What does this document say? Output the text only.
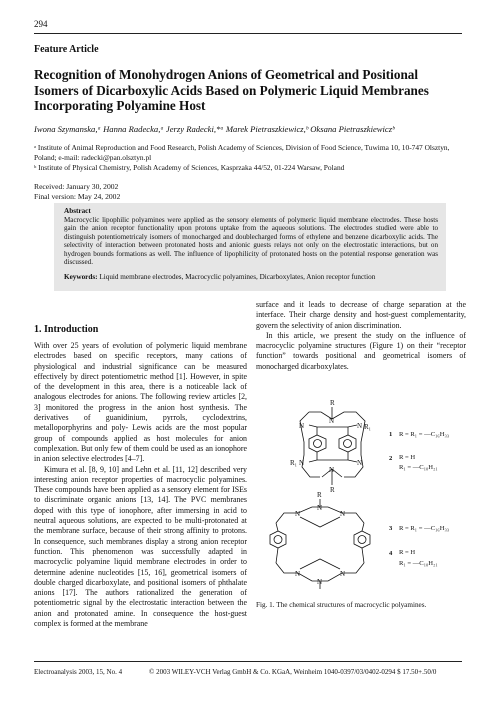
294
Feature Article
Recognition of Monohydrogen Anions of Geometrical and Positional Isomers of Dicarboxylic Acids Based on Polymeric Liquid Membranes Incorporating Polyamine Host
Iwona Szymanska,ᵃ Hanna Radecka,ᵃ Jerzy Radecki,*ᵃ Marek Pietraszkiewicz,ᵇ Oksana Pietraszkiewiczᵇ
ᵃ Institute of Animal Reproduction and Food Research, Polish Academy of Sciences, Division of Food Science, Tuwima 10, 10-747 Olsztyn, Poland; e-mail: radecki@pan.olsztyn.pl
ᵇ Institute of Physical Chemistry, Polish Academy of Sciences, Kasprzaka 44/52, 01-224 Warsaw, Poland
Received: January 30, 2002
Final version: May 24, 2002
Abstract
Macrocyclic lipophilic polyamines were applied as the sensory elements of polymeric liquid membrane electrodes. These hosts gain the anion receptor functionality upon protons uptake from the aqueous solutions. The electrodes studied were able to distinguish potentiometricaly isomers of monocharged and doublecharged forms of ethylene and benzene dicarboxylic acids. The selectivity of interaction between protonated hosts and anionic guests relays not only on the electrostatic interactions, but on hydrogen bounds formations as well. The influence of lipophilicity of protonated hosts on the potential response generation was discussed.
Keywords: Liquid membrane electrodes, Macrocyclic polyamines, Dicarboxylates, Anion receptor function
1. Introduction

With over 25 years of evolution of polymeric liquid membrane electrodes based on specific receptors, many cations of physiological and industrial significance can be measured effectively by direct potentiometric method [1]. However, in spite of the development in this area, there is a noticeable lack of analogous electrodes for anions. The following review articles [2, 3] monitored the progress in the anion host synthesis. The derivatives of guanidinium, pyrrols, cyclodextrins, metalloporphyrins and poly- Lewis acids are the most popular group of compounds applied as host molecules for anion complexation. But only few of them could be used as an ionophore in anion selective electrodes [4–7].

Kimura et al. [8, 9, 10] and Lehn et al. [11, 12] described very interesting anion receptor properties of macrocyclic polyamines. These compounds have been applied as a sensory element for ISEs to discriminate organic anions [13, 14]. The PVC membranes doped with this type of ionophore, after immersing in acid to neutral aqueous solutions, are expected to be multi-protonated at the membrane surface, because of their strong affinity to protons. In consequence, such membranes display a strong anion receptor function. This phenomenon was successfully adapted in macrocyclic polyamine liquid membrane electrodes in order to determine adenine nucleotides [15, 16], geometrical isomers of double charged dicarboxylate, and positional isomers of phthalate anions [17]. The authors rationalized the generation of potentiometric signal by the electrostatic interaction between the anion and protonated amine. In consequence the host-guest complex is formed at the membrane

surface and it leads to decrease of charge separation at the interface. Their charge density and host-guest complementarity, govern the selectivity of anion discrimination.

In this article, we present the study on the influence of macrocyclic polyamine structures (Figure 1) on their “receptor function” towards positional and geometrical isomers of monocharged dicarboxylates.

R
N
N	N R₁
R₁ N	N
N
R
R
N
N	N
N	N
N
1 R = R₁ = —C₁₆H₃₃
2 R = H
R₁ = —C₁₀H₂₁
3 R = R₁ = —C₁₆H₃₃
4 R = H
R₁ = —C₁₀H₂₁
Fig. 1. The chemical structures of macrocyclic polyamines.
Electroanalysis 2003, 15, No. 4	© 2003 WILEY-VCH Verlag GmbH & Co. KGaA, Weinheim 1040-0397/03/0402-0294 $ 17.50+.50/0
